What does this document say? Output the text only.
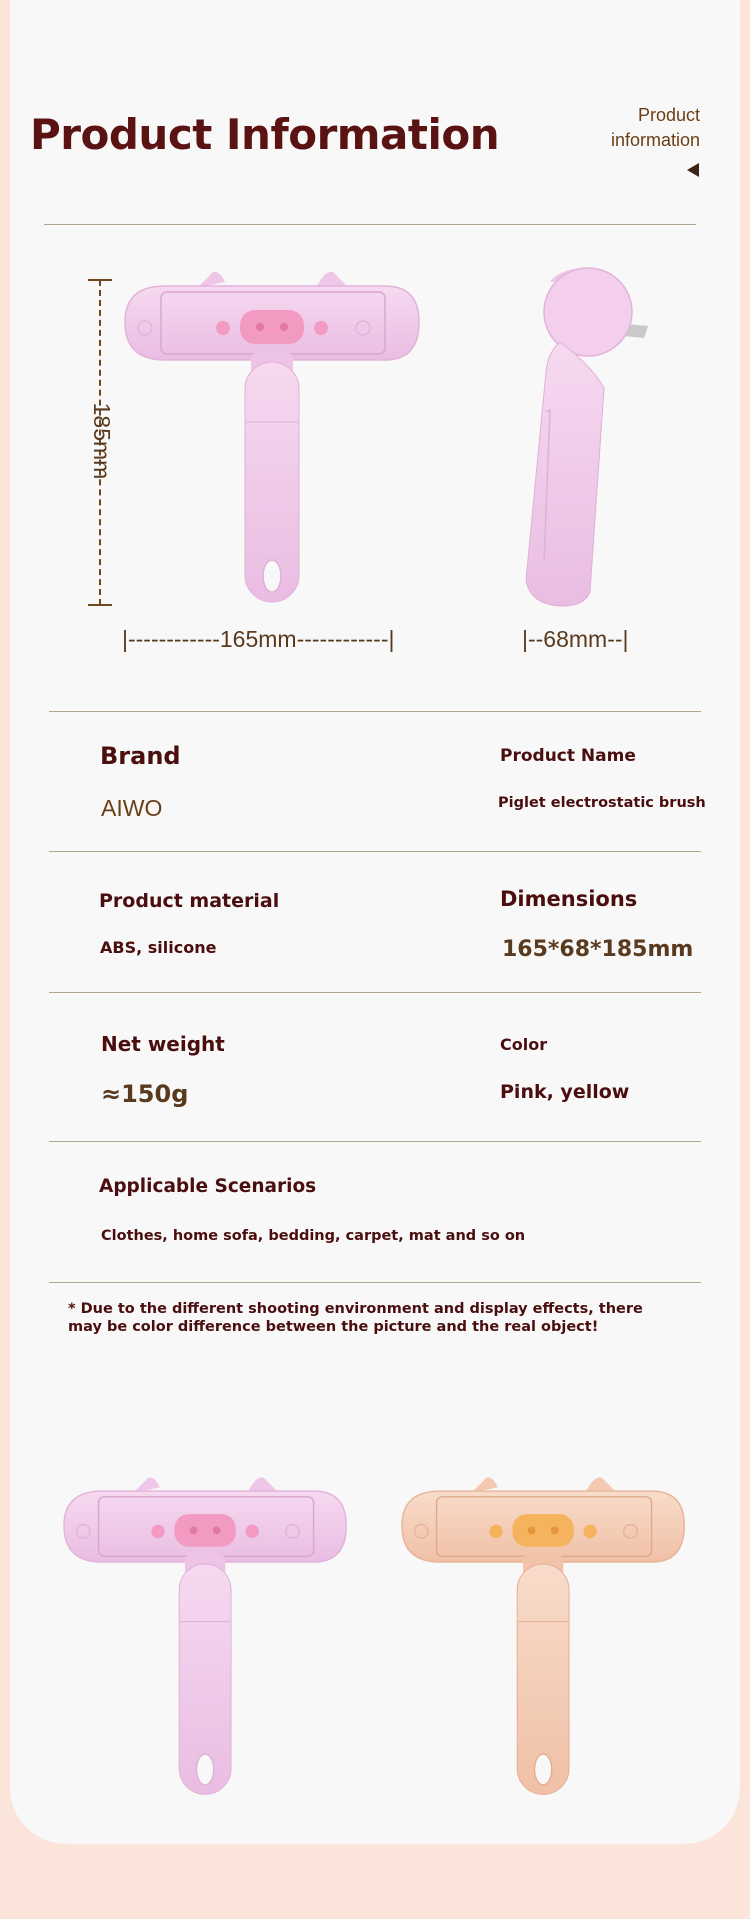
Product Information	Product
information
185mm
|------------165mm------------|	|--68mm--|
Brand
AIWO
Product Name
Piglet electrostatic brush
Product material
ABS, silicone
Dimensions
165*68*185mm
Net weight
≈150g
Color
Pink, yellow
Applicable Scenarios
Clothes, home sofa, bedding, carpet, mat and so on
* Due to the different shooting environment and display effects, there may be color difference between the picture and the real object!
